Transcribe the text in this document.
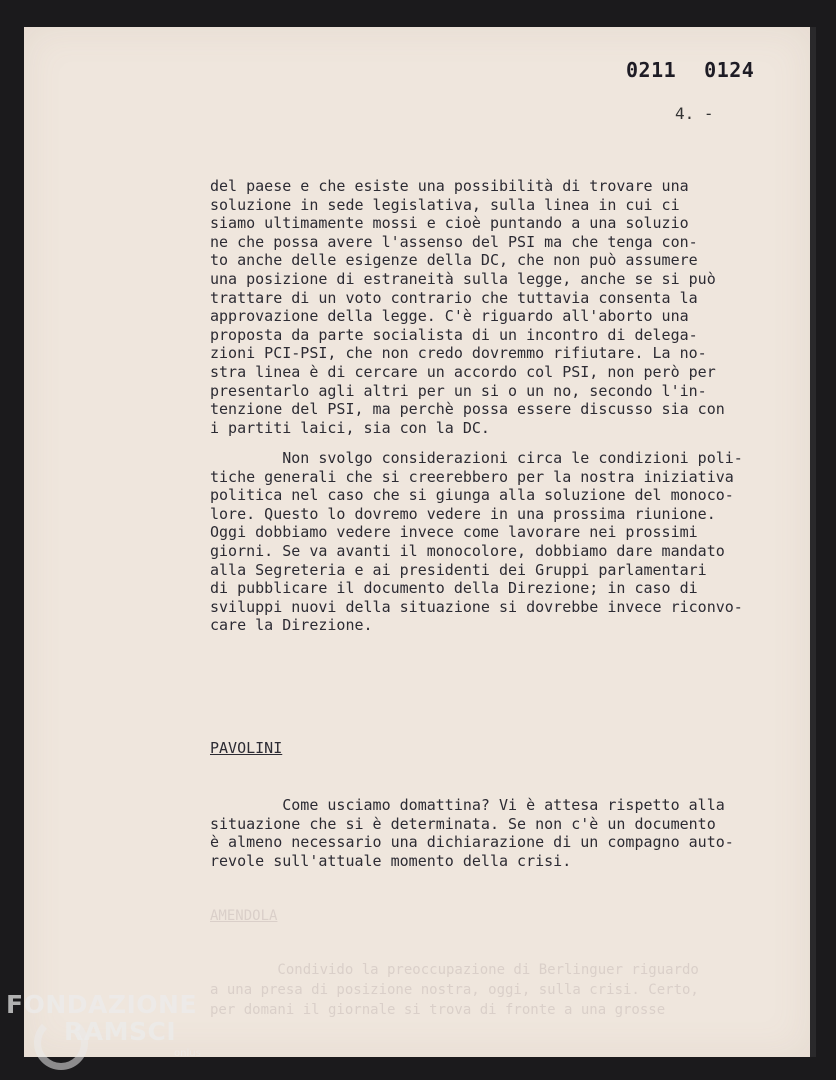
0211 0124
4. -
AMENDOLA
Condivido la preoccupazione di Berlinguer riguardo
a una presa di posizione nostra, oggi, sulla crisi. Certo,
per domani il giornale si trova di fronte a una grosse
del paese e che esiste una possibilità di trovare una
soluzione in sede legislativa, sulla linea in cui ci
siamo ultimamente mossi e cioè puntando a una soluzio
ne che possa avere l'assenso del PSI ma che tenga con-
to anche delle esigenze della DC, che non può assumere
una posizione di estraneità sulla legge, anche se si può
trattare di un voto contrario che tuttavia consenta la
approvazione della legge. C'è riguardo all'aborto una
proposta da parte socialista di un incontro di delega-
zioni PCI-PSI, che non credo dovremmo rifiutare. La no-
stra linea è di cercare un accordo col PSI, non però per
presentarlo agli altri per un si o un no, secondo l'in-
tenzione del PSI, ma perchè possa essere discusso sia con
i partiti laici, sia con la DC.
Non svolgo considerazioni circa le condizioni poli-
tiche generali che si creerebbero per la nostra iniziativa
politica nel caso che si giunga alla soluzione del monoco-
lore. Questo lo dovremo vedere in una prossima riunione.
Oggi dobbiamo vedere invece come lavorare nei prossimi
giorni. Se va avanti il monocolore, dobbiamo dare mandato
alla Segreteria e ai presidenti dei Gruppi parlamentari
di pubblicare il documento della Direzione; in caso di
sviluppi nuovi della situazione si dovrebbe invece riconvo-
care la Direzione.
PAVOLINI
Come usciamo domattina? Vi è attesa rispetto alla
situazione che si è determinata. Se non c'è un documento
è almeno necessario una dichiarazione di un compagno auto-
revole sull'attuale momento della crisi.
FONDAZIONE
RAMSCI
onlus
